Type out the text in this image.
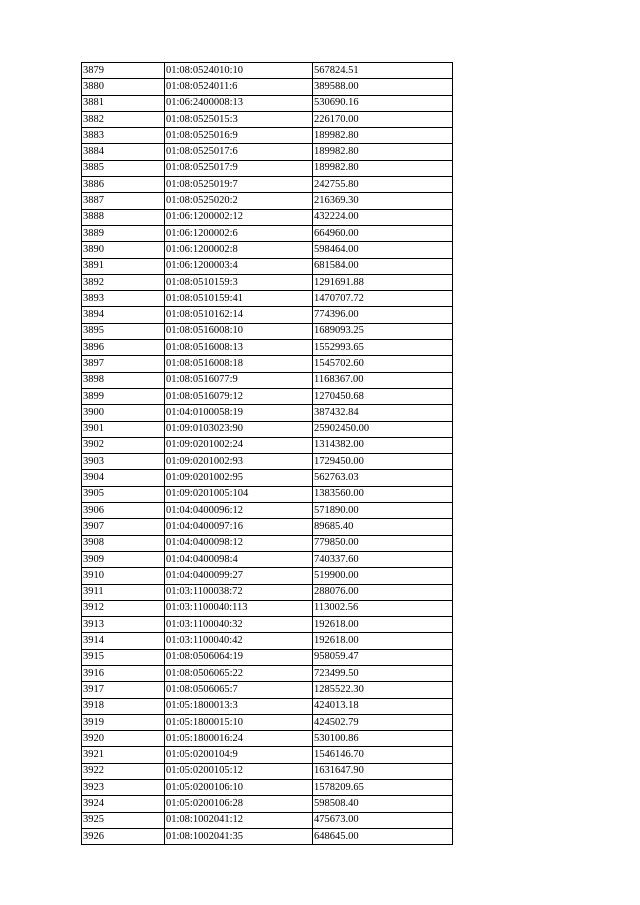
3879	01:08:0524010:10	567824.51
3880	01:08:0524011:6	389588.00
3881	01:06:2400008:13	530690.16
3882	01:08:0525015:3	226170.00
3883	01:08:0525016:9	189982.80
3884	01:08:0525017:6	189982.80
3885	01:08:0525017:9	189982.80
3886	01:08:0525019:7	242755.80
3887	01:08:0525020:2	216369.30
3888	01:06:1200002:12	432224.00
3889	01:06:1200002:6	664960.00
3890	01:06:1200002:8	598464.00
3891	01:06:1200003:4	681584.00
3892	01:08:0510159:3	1291691.88
3893	01:08:0510159:41	1470707.72
3894	01:08:0510162:14	774396.00
3895	01:08:0516008:10	1689093.25
3896	01:08:0516008:13	1552993.65
3897	01:08:0516008:18	1545702.60
3898	01:08:0516077:9	1168367.00
3899	01:08:0516079:12	1270450.68
3900	01:04:0100058:19	387432.84
3901	01:09:0103023:90	25902450.00
3902	01:09:0201002:24	1314382.00
3903	01:09:0201002:93	1729450.00
3904	01:09:0201002:95	562763.03
3905	01:09:0201005:104	1383560.00
3906	01:04:0400096:12	571890.00
3907	01:04:0400097:16	89685.40
3908	01:04:0400098:12	779850.00
3909	01:04:0400098:4	740337.60
3910	01:04:0400099:27	519900.00
3911	01:03:1100038:72	288076.00
3912	01:03:1100040:113	113002.56
3913	01:03:1100040:32	192618.00
3914	01:03:1100040:42	192618.00
3915	01:08:0506064:19	958059.47
3916	01:08:0506065:22	723499.50
3917	01:08:0506065:7	1285522.30
3918	01:05:1800013:3	424013.18
3919	01:05:1800015:10	424502.79
3920	01:05:1800016:24	530100.86
3921	01:05:0200104:9	1546146.70
3922	01:05:0200105:12	1631647.90
3923	01:05:0200106:10	1578209.65
3924	01:05:0200106:28	598508.40
3925	01:08:1002041:12	475673.00
3926	01:08:1002041:35	648645.00
